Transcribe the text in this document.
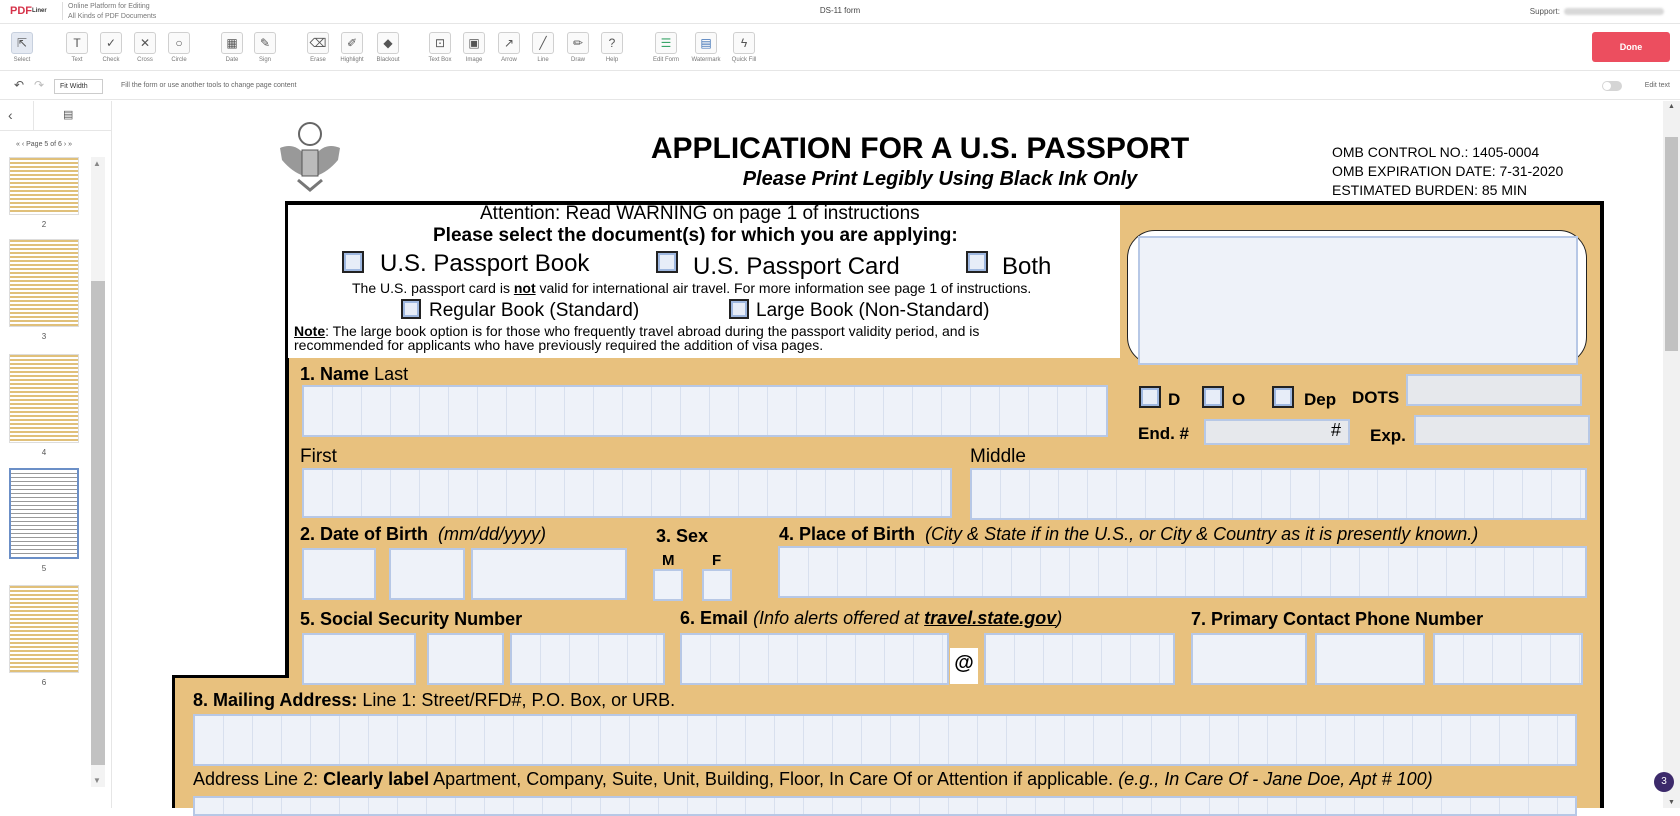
PDFLiner
Online Platform for Editing
All Kinds of PDF Documents
DS-11 form	Support:
Done
⇱
Select
T
Text
✓
Check
✕
Cross
○
Circle
▦
Date
✎
Sign
⌫
Erase
✐
Highlight
◆
Blackout
⊡
Text Box
▣
Image
↗
Arrow
╱
Line
✏
Draw
?
Help
☰
Edit Form
▤
Watermark
ϟ
Quick Fill
↶ ↷	Fit Width	Fill the form or use another tools to change page content	Edit text
‹	▤
« ‹ Page 5 of 6 › »
2
3
4
5
6
▲
▼
APPLICATION FOR A U.S. PASSPORT
Please Print Legibly Using Black Ink Only
OMB CONTROL NO.: 1405-0004
OMB EXPIRATION DATE: 7-31-2020
ESTIMATED BURDEN: 85 MIN
Attention: Read WARNING on page 1 of instructions
Please select the document(s) for which you are applying:
U.S. Passport Book	U.S. Passport Card	Both
The U.S. passport card is not valid for international air travel. For more information see page 1 of instructions.
Regular Book (Standard)	Large Book (Non-Standard)
Note: The large book option is for those who frequently travel abroad during the passport validity period, and is
recommended for applicants who have previously required the addition of visa pages.
1. Name Last
D	O	Dep DOTS
End. #	# Exp.
First	Middle
2. Date of Birth (mm/dd/yyyy)	3. Sex
M	F
4. Place of Birth (City & State if in the U.S., or City & Country as it is presently known.)
5. Social Security Number	6. Email (Info alerts offered at travel.state.gov)
@
7. Primary Contact Phone Number
8. Mailing Address: Line 1: Street/RFD#, P.O. Box, or URB.
Address Line 2: Clearly label Apartment, Company, Suite, Unit, Building, Floor, In Care Of or Attention if applicable. (e.g., In Care Of - Jane Doe, Apt # 100)
▲
▼
3
